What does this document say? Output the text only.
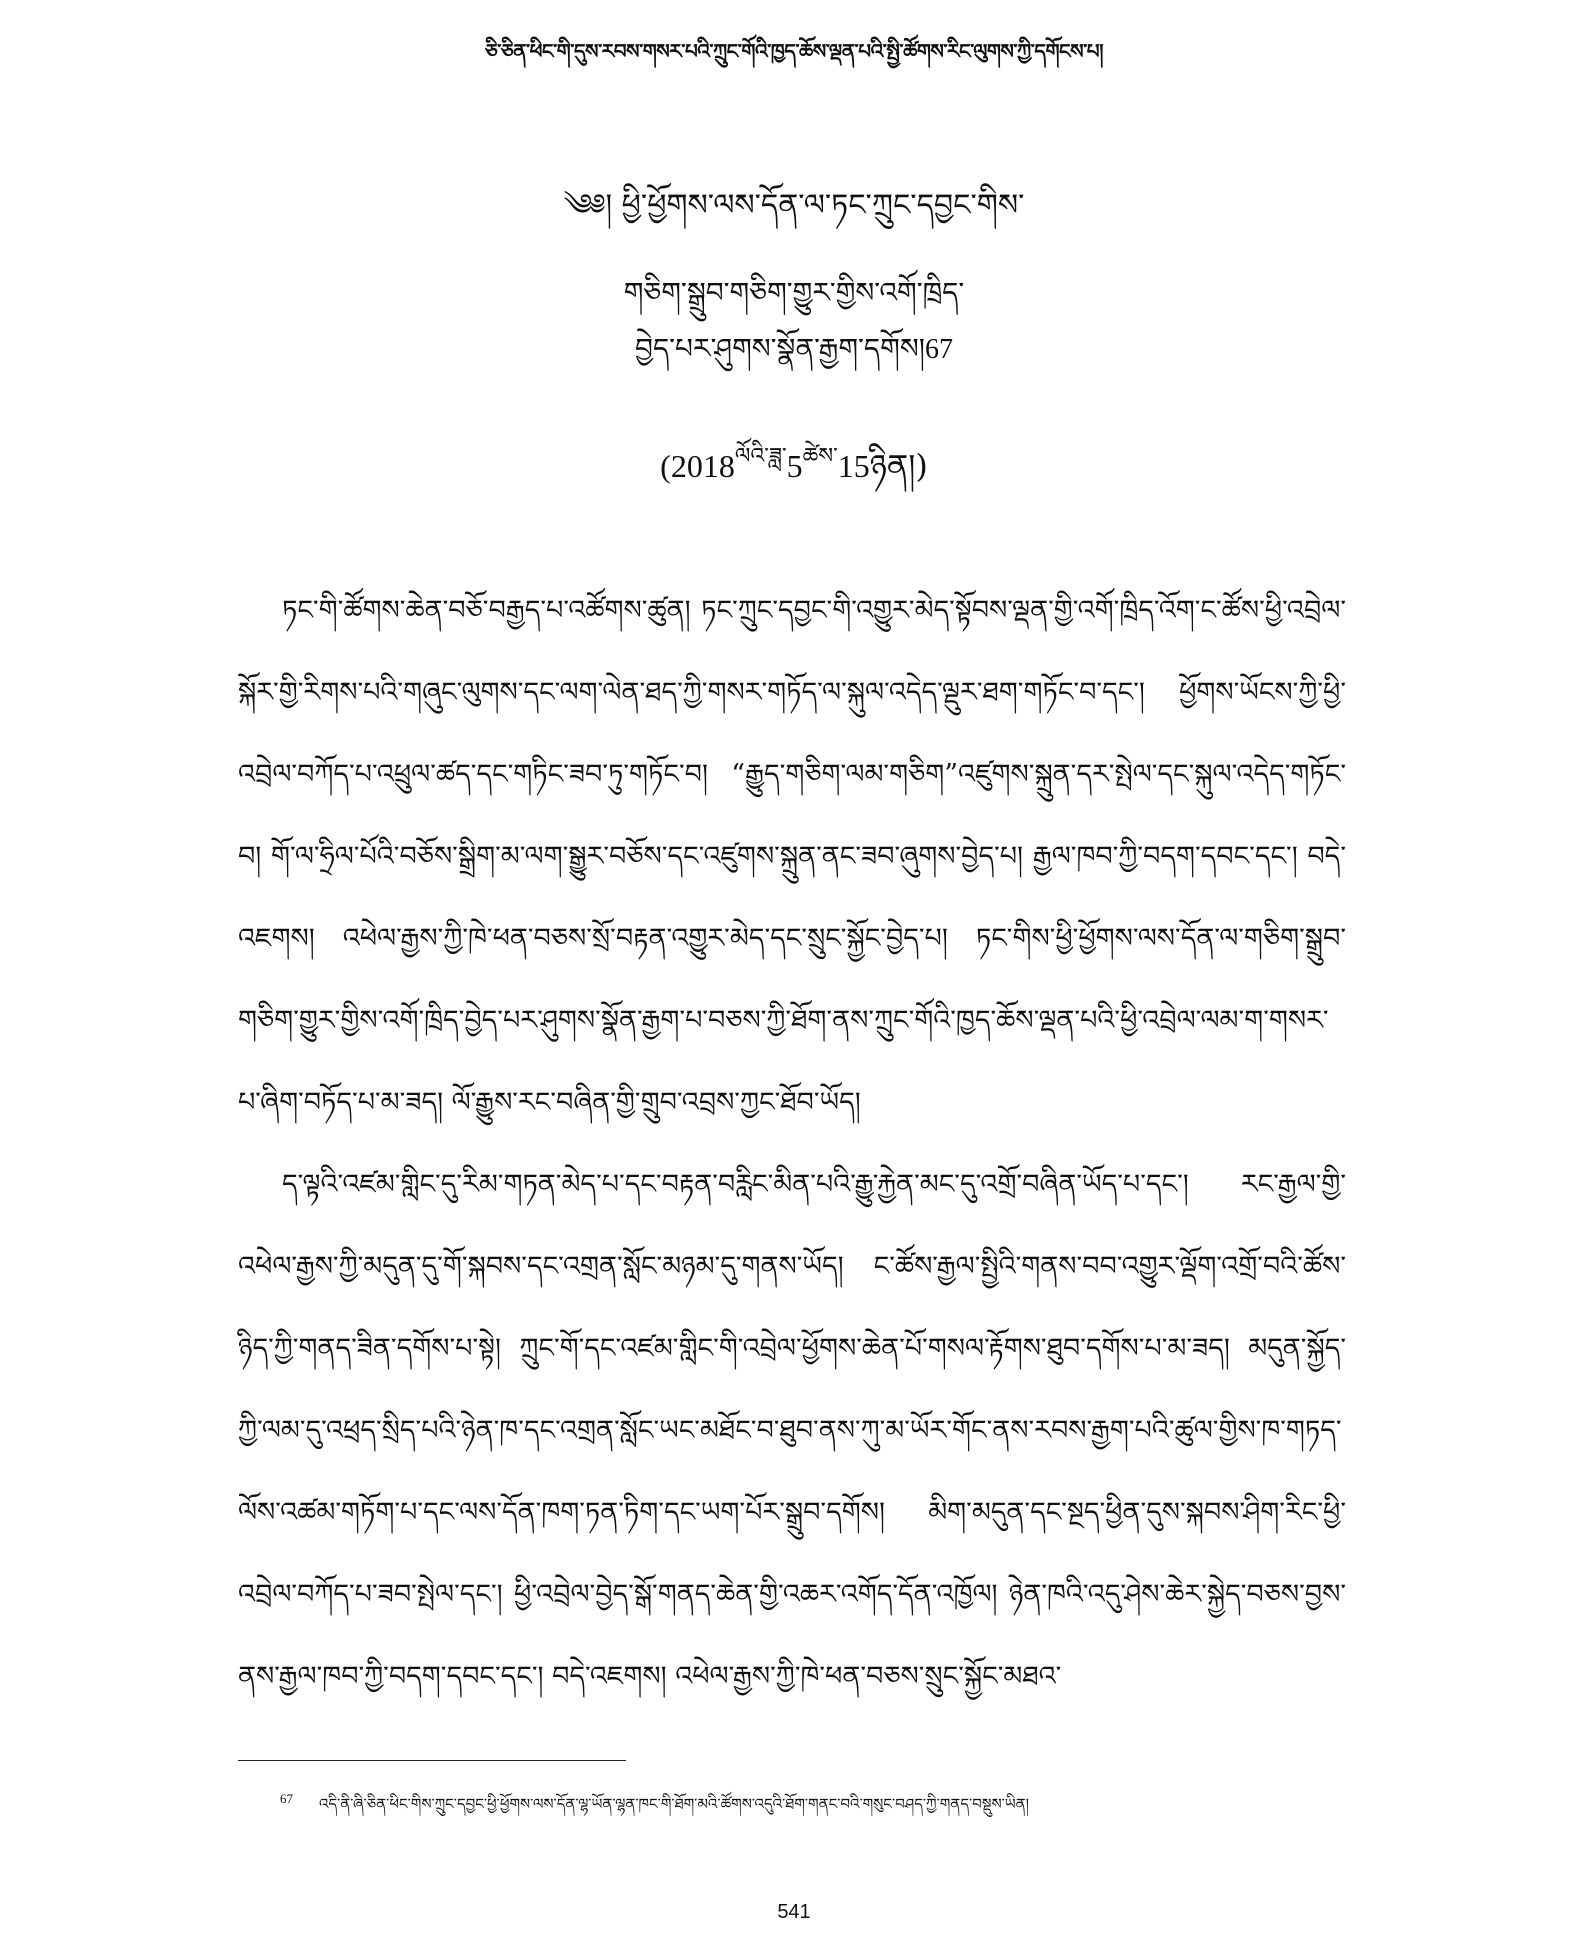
ཅི་ཅིན་ཕིང་གི་དུས་རབས་གསར་པའི་ཀྲུང་གོའི་ཁྱད་ཆོས་ལྡན་པའི་སྤྱི་ཚོགས་རིང་ལུགས་ཀྱི་དགོངས་པ།
༄༅། ཕྱི་ཕྱོགས་ལས་དོན་ལ་ཏང་ཀྲུང་དབྱང་གིས་
གཅིག་སྒྲུབ་གཅིག་གྱུར་གྱིས་འགོ་ཁྲིད་
བྱེད་པར་ཤུགས་སྣོན་རྒྱག་དགོས།67
$(2018^{ལོའི་ཟླ་}5^{ཚེས་}15ཉིན།)$

ཏང་གི་ཚོགས་ཆེན་བཅོ་བརྒྱད་པ་འཚོགས་ཚུན། ཏང་ཀྲུང་དབྱང་གི་འགྱུར་མེད་སྟོབས་ལྡན་གྱི་འགོ་ཁྲིད་འོག་ང་ཚོས་ཕྱི་འབྲེལ་སྐོར་གྱི་རིགས་པའི་གཞུང་ལུགས་དང་ལག་ལེན་ཐད་ཀྱི་གསར་གཏོད་ལ་སྐུལ་འདེད་ལྡུར་ཐག་གཏོང་བ་དང་། ཕྱོགས་ཡོངས་ཀྱི་ཕྱི་འབྲེལ་བཀོད་པ་འཕྲུལ་ཚད་དང་གཏིང་ཟབ་ཏུ་གཏོང་བ། “རྒྱུད་གཅིག་ལམ་གཅིག”འཛུགས་སྐྲུན་དར་སྤེལ་དང་སྐུལ་འདེད་གཏོང་བ། གོ་ལ་ཧྲིལ་པོའི་བཅོས་སྒྲིག་མ་ལག་སྒྱུར་བཅོས་དང་འཛུགས་སྐྲུན་ནང་ཟབ་ཞུགས་བྱེད་པ། རྒྱལ་ཁབ་ཀྱི་བདག་དབང་དང་། བདེ་འཇགས། འཕེལ་རྒྱས་ཀྱི་ཁེ་ཕན་བཅས་སྲོ་བརྟན་འགྱུར་མེད་དང་སྲུང་སྐྱོང་བྱེད་པ། ཏང་གིས་ཕྱི་ཕྱོགས་ལས་དོན་ལ་གཅིག་སྒྲུབ་གཅིག་གྱུར་གྱིས་འགོ་ཁྲིད་བྱེད་པར་ཤུགས་སྣོན་རྒྱག་པ་བཅས་ཀྱི་ཐོག་ནས་ཀྲུང་གོའི་ཁྱད་ཆོས་ལྡན་པའི་ཕྱི་འབྲེལ་ལམ་ག་གསར་པ་ཞིག་བཏོད་པ་མ་ཟད། ལོ་རྒྱུས་རང་བཞིན་གྱི་གྲུབ་འབྲས་ཀྱང་ཐོབ་ཡོད།

ད་ལྟའི་འཛམ་གླིང་དུ་རིམ་གཏན་མེད་པ་དང་བརྟན་བརླིང་མིན་པའི་རྒྱུ་རྐྱེན་མང་དུ་འགྲོ་བཞིན་ཡོད་པ་དང་། རང་རྒྱལ་གྱི་འཕེལ་རྒྱས་ཀྱི་མདུན་དུ་གོ་སྐབས་དང་འགྲན་སློང་མཉམ་དུ་གནས་ཡོད། ང་ཚོས་རྒྱལ་སྤྱིའི་གནས་བབ་འགྱུར་ལྡོག་འགྲོ་བའི་ཚོས་ཉིད་ཀྱི་གནད་ཟིན་དགོས་པ་སྟེ། ཀྲུང་གོ་དང་འཛམ་གླིང་གི་འབྲེལ་ཕྱོགས་ཆེན་པོ་གསལ་རྟོགས་ཐུབ་དགོས་པ་མ་ཟད། མདུན་སྐྱོད་ཀྱི་ལམ་དུ་འཕྲད་སྲིད་པའི་ཉེན་ཁ་དང་འགྲན་སློང་ཡང་མཐོང་བ་ཐུབ་ནས་ཀུ་མ་ཡོར་གོང་ནས་རབས་རྒྱག་པའི་ཚུལ་གྱིས་ཁ་གཏད་ལོས་འཚམ་གཏོག་པ་དང་ལས་དོན་ཁག་ཏན་ཏིག་དང་ཡག་པོར་སྒྲུབ་དགོས། མིག་མདུན་དང་སྔད་ཕྱིན་དུས་སྐབས་ཤིག་རིང་ཕྱི་འབྲེལ་བཀོད་པ་ཟབ་སྤེལ་དང་། ཕྱི་འབྲེལ་བྱེད་སྒོ་གནད་ཆེན་གྱི་འཆར་འགོད་དོན་འཁྱོལ། ཉེན་ཁའི་འདུ་ཤེས་ཆེར་སྐྱེད་བཅས་བྱས་ནས་རྒྱལ་ཁབ་ཀྱི་བདག་དབང་དང་། བདེ་འཇགས། འཕེལ་རྒྱས་ཀྱི་ཁེ་ཕན་བཅས་སྲུང་སྐྱོང་མཐའ་

$^{67}$ འདི་ནི་ཞི་ཅིན་ཕིང་གིས་ཀྲུང་དབྱང་ཕྱི་ཕྱོགས་ལས་དོན་ལྷ་ཡོན་ལྷན་ཁང་གི་ཐོག་མའི་ཚོགས་འདུའི་ཐོག་གནང་བའི་གསུང་བཤད་ཀྱི་གནད་བསྡུས་ཡིན།
541
